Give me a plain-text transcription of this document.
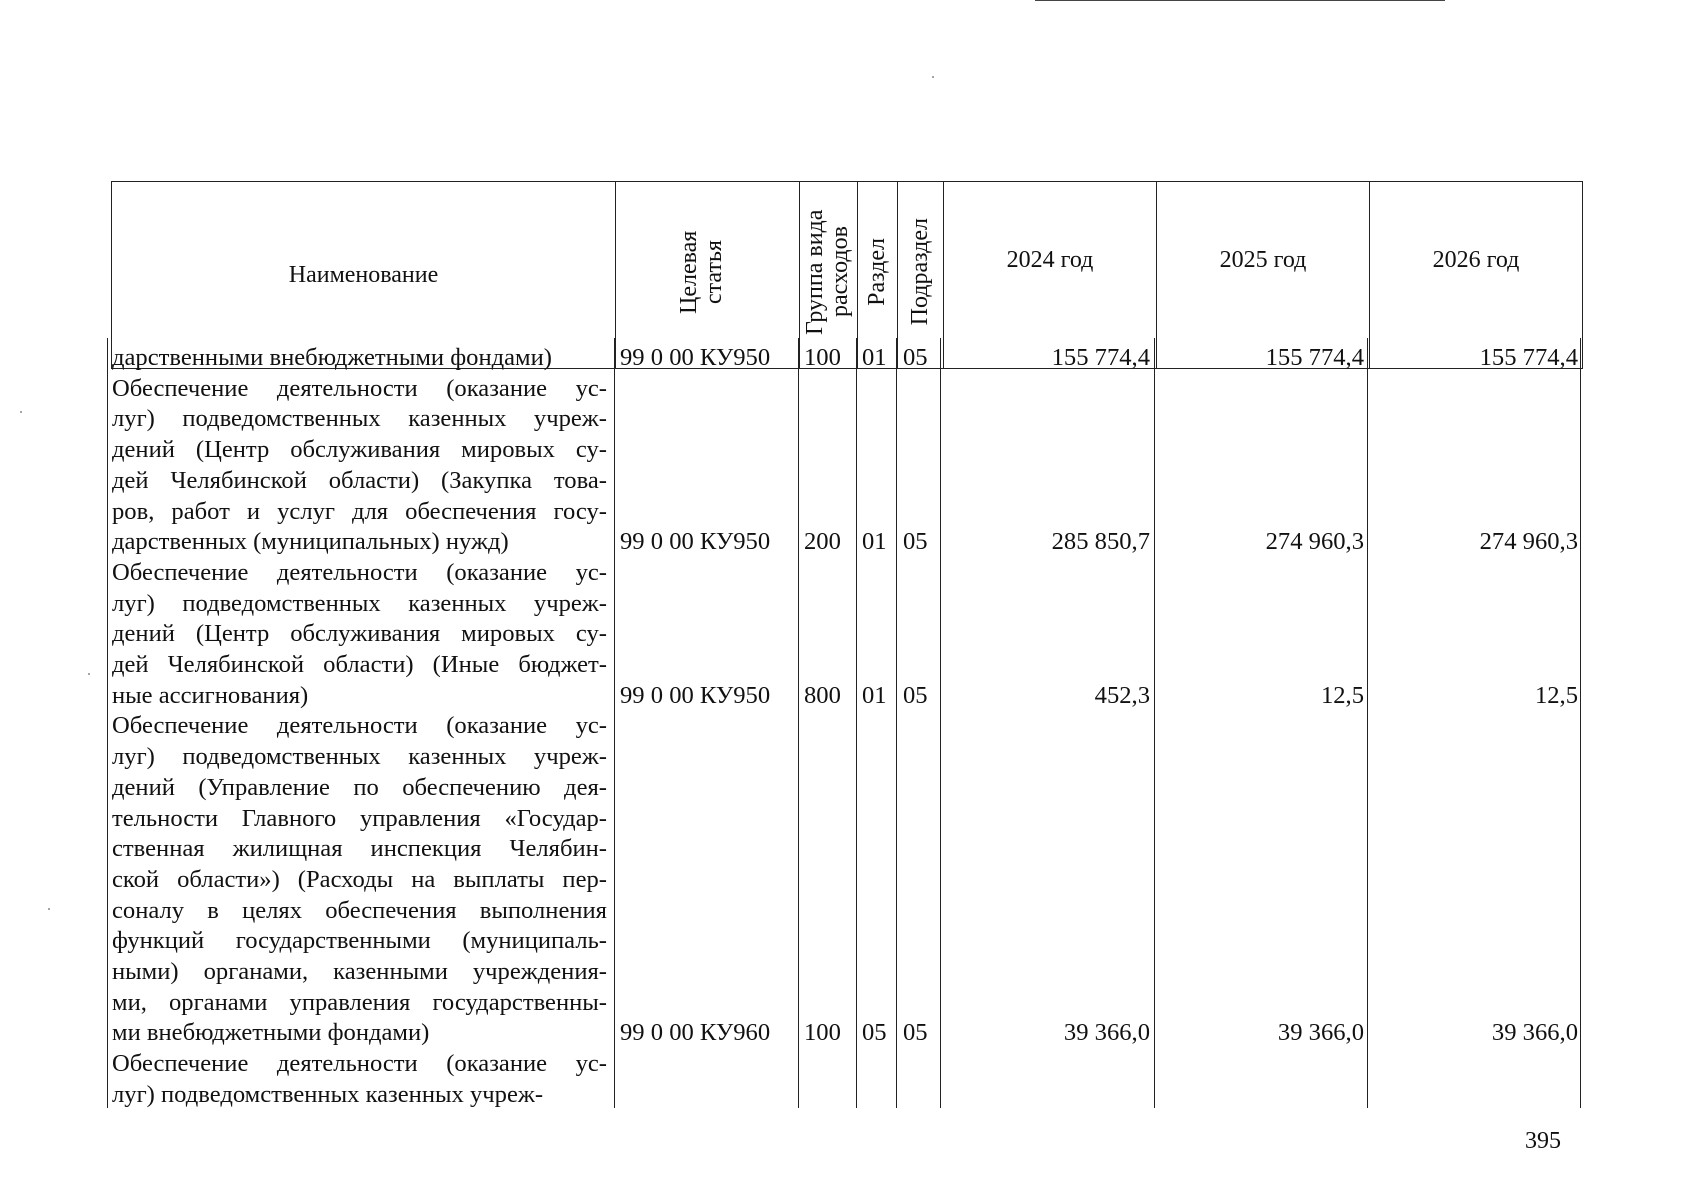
Наименование	Целевая статья	Группа вида расходов	Раздел	Подраздел	2024 год	2025 год	2026 год
дарственными внебюджетными фондами)	99 0 00 КУ950	100 01 05	155 774,4	155 774,4	155 774,4
Обеспечение деятельности (оказание ус-
луг) подведомственных казенных учреж-
дений (Центр обслуживания мировых су-
дей Челябинской области) (Закупка това-
ров, работ и услуг для обеспечения госу-
дарственных (муниципальных) нужд)	99 0 00 КУ950	200 01 05	285 850,7	274 960,3	274 960,3
Обеспечение деятельности (оказание ус-
луг) подведомственных казенных учреж-
дений (Центр обслуживания мировых су-
дей Челябинской области) (Иные бюджет-
ные ассигнования)	99 0 00 КУ950	800 01 05	452,3	12,5	12,5
Обеспечение деятельности (оказание ус-
луг) подведомственных казенных учреж-
дений (Управление по обеспечению дея-
тельности Главного управления «Государ-
ственная жилищная инспекция Челябин-
ской области») (Расходы на выплаты пер-
соналу в целях обеспечения выполнения
функций государственными (муниципаль-
ными) органами, казенными учреждения-
ми, органами управления государственны-
ми внебюджетными фондами)	99 0 00 КУ960	100 05 05	39 366,0	39 366,0	39 366,0
Обеспечение деятельности (оказание ус-
луг) подведомственных казенных учреж-
395
